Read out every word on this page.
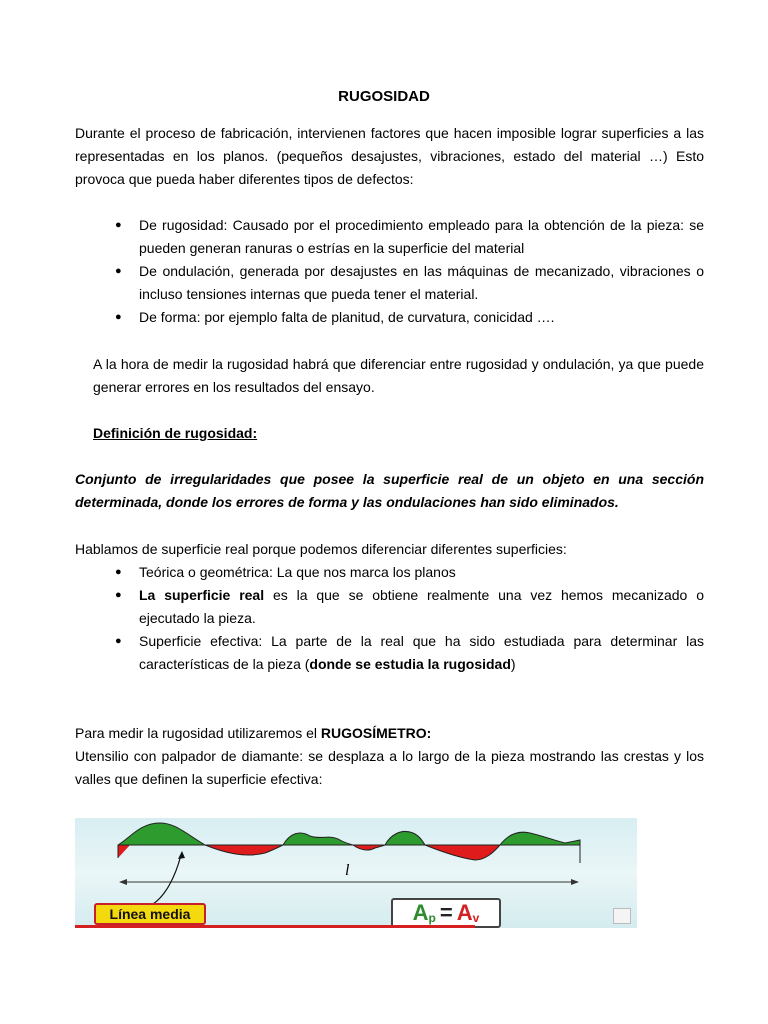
RUGOSIDAD
Durante el proceso de fabricación, intervienen factores que hacen imposible lograr superficies a las representadas en los planos. (pequeños desajustes, vibraciones, estado del material …) Esto provoca que pueda haber diferentes tipos de defectos:
● De rugosidad: Causado por el procedimiento empleado para la obtención de la pieza: se pueden generan ranuras o estrías en la superficie del material
● De ondulación, generada por desajustes en las máquinas de mecanizado, vibraciones o incluso tensiones internas que pueda tener el material.
● De forma: por ejemplo falta de planitud, de curvatura, conicidad ….
A la hora de medir la rugosidad habrá que diferenciar entre rugosidad y ondulación, ya que puede generar errores en los resultados del ensayo.
Definición de rugosidad:
Conjunto de irregularidades que posee la superficie real de un objeto en una sección determinada, donde los errores de forma y las ondulaciones han sido eliminados.
Hablamos de superficie real porque podemos diferenciar diferentes superficies:
● Teórica o geométrica: La que nos marca los planos
● La superficie real es la que se obtiene realmente una vez hemos mecanizado o ejecutado la pieza.
● Superficie efectiva: La parte de la real que ha sido estudiada para determinar las características de la pieza (donde se estudia la rugosidad)
Para medir la rugosidad utilizaremos el RUGOSÍMETRO:
Utensilio con palpador de diamante: se desplaza a lo largo de la pieza mostrando las crestas y los valles que definen la superficie efectiva:
l
Línea media	$A_p = A_v$
